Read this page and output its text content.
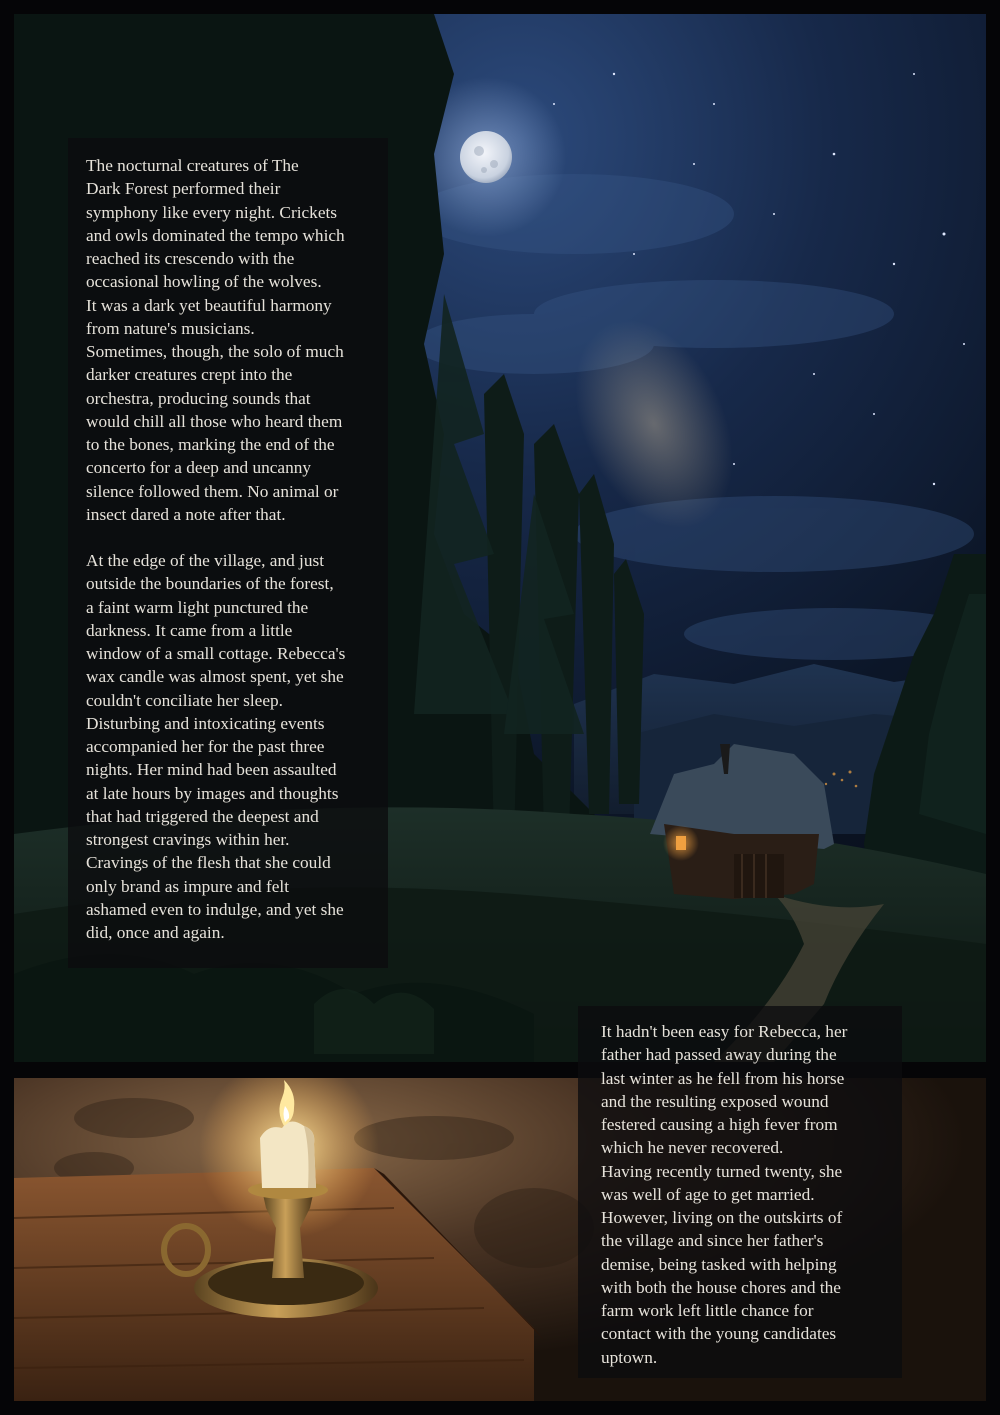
The nocturnal creatures of The
Dark Forest performed their
symphony like every night. Crickets
and owls dominated the tempo which
reached its crescendo with the
occasional howling of the wolves.
It was a dark yet beautiful harmony
from nature's musicians.
Sometimes, though, the solo of much
darker creatures crept into the
orchestra, producing sounds that
would chill all those who heard them
to the bones, marking the end of the
concerto for a deep and uncanny
silence followed them. No animal or
insect dared a note after that.

At the edge of the village, and just
outside the boundaries of the forest,
a faint warm light punctured the
darkness. It came from a little
window of a small cottage. Rebecca's
wax candle was almost spent, yet she
couldn't conciliate her sleep.
Disturbing and intoxicating events
accompanied her for the past three
nights. Her mind had been assaulted
at late hours by images and thoughts
that had triggered the deepest and
strongest cravings within her.
Cravings of the flesh that she could
only brand as impure and felt
ashamed even to indulge, and yet she
did, once and again.

It hadn't been easy for Rebecca, her
father had passed away during the
last winter as he fell from his horse
and the resulting exposed wound
festered causing a high fever from
which he never recovered.
Having recently turned twenty, she
was well of age to get married.
However, living on the outskirts of
the village and since her father's
demise, being tasked with helping
with both the house chores and the
farm work left little chance for
contact with the young candidates
uptown.
